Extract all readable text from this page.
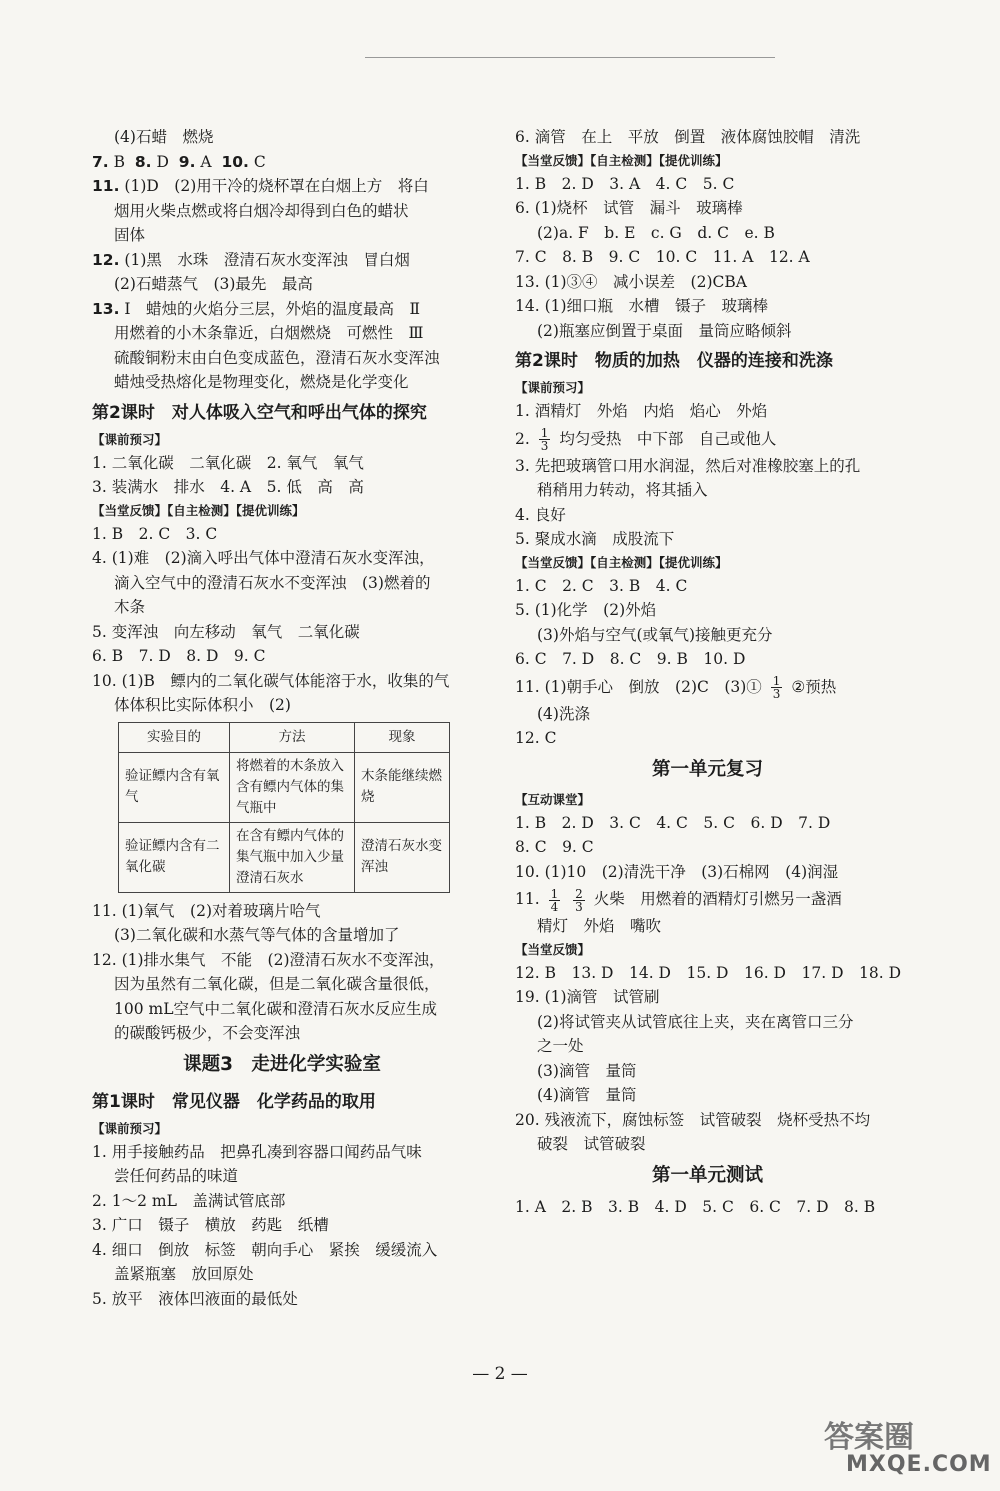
(4)石蜡　燃烧
7. B 8. D 9. A 10. C
11. (1)D　(2)用干冷的烧杯罩在白烟上方　将白
烟用火柴点燃或将白烟冷却得到白色的蜡状
固体
12. (1)黑　水珠　澄清石灰水变浑浊　冒白烟
(2)石蜡蒸气　(3)最先　最高
13. Ⅰ　蜡烛的火焰分三层，外焰的温度最高　Ⅱ
用燃着的小木条靠近，白烟燃烧　可燃性　Ⅲ
硫酸铜粉末由白色变成蓝色，澄清石灰水变浑浊
蜡烛受热熔化是物理变化，燃烧是化学变化
第2课时　对人体吸入空气和呼出气体的探究
【课前预习】
1. 二氧化碳　二氧化碳　2. 氧气　氧气
3. 装满水　排水　4. A　5. 低　高　高
【当堂反馈】【自主检测】【提优训练】
1. B　2. C　3. C
4. (1)难　(2)滴入呼出气体中澄清石灰水变浑浊，
滴入空气中的澄清石灰水不变浑浊　(3)燃着的
木条
5. 变浑浊　向左移动　氧气　二氧化碳
6. B　7. D　8. D　9. C
10. (1)B　鳔内的二氧化碳气体能溶于水，收集的气
体体积比实际体积小　(2)
实验目的	方法	现象
验证鳔内含有氧气	将燃着的木条放入含有鳔内气体的集气瓶中	木条能继续燃烧
验证鳔内含有二氧化碳	在含有鳔内气体的集气瓶中加入少量澄清石灰水	澄清石灰水变浑浊
11. (1)氧气　(2)对着玻璃片哈气
(3)二氧化碳和水蒸气等气体的含量增加了
12. (1)排水集气　不能　(2)澄清石灰水不变浑浊，
因为虽然有二氧化碳，但是二氧化碳含量很低，
100 mL空气中二氧化碳和澄清石灰水反应生成
的碳酸钙极少，不会变浑浊
课题3　走进化学实验室
第1课时　常见仪器　化学药品的取用
【课前预习】
1. 用手接触药品　把鼻孔凑到容器口闻药品气味
尝任何药品的味道
2. 1～2 mL　盖满试管底部
3. 广口　镊子　横放　药匙　纸槽
4. 细口　倒放　标签　朝向手心　紧挨　缓缓流入
盖紧瓶塞　放回原处
5. 放平　液体凹液面的最低处
6. 滴管　在上　平放　倒置　液体腐蚀胶帽　清洗
【当堂反馈】【自主检测】【提优训练】
1. B　2. D　3. A　4. C　5. C
6. (1)烧杯　试管　漏斗　玻璃棒
(2)a. F　b. E　c. G　d. C　e. B
7. C　8. B　9. C　10. C　11. A　12. A
13. (1)③④　减小误差　(2)CBA
14. (1)细口瓶　水槽　镊子　玻璃棒
(2)瓶塞应倒置于桌面　量筒应略倾斜
第2课时　物质的加热　仪器的连接和洗涤
【课前预习】
1. 酒精灯　外焰　内焰　焰心　外焰
2. $\frac{1}{3}$ 均匀受热　中下部　自己或他人
3. 先把玻璃管口用水润湿，然后对准橡胶塞上的孔
稍稍用力转动，将其插入
4. 良好
5. 聚成水滴　成股流下
【当堂反馈】【自主检测】【提优训练】
1. C　2. C　3. B　4. C
5. (1)化学　(2)外焰
(3)外焰与空气(或氧气)接触更充分
6. C　7. D　8. C　9. B　10. D
11. (1)朝手心　倒放　(2)C　(3)① $\frac{1}{3}$ ②预热
(4)洗涤
12. C
第一单元复习
【互动课堂】
1. B　2. D　3. C　4. C　5. C　6. D　7. D
8. C　9. C
10. (1)10　(2)清洗干净　(3)石棉网　(4)润湿
11. $\frac{1}{4}$
$\frac{2}{3}$ 火柴　用燃着的酒精灯引燃另一盏酒
精灯　外焰　嘴吹
【当堂反馈】
12. B　13. D　14. D　15. D　16. D　17. D　18. D
19. (1)滴管　试管刷
(2)将试管夹从试管底往上夹，夹在离管口三分
之一处
(3)滴管　量筒
(4)滴管　量筒
20. 残液流下，腐蚀标签　试管破裂　烧杯受热不均
破裂　试管破裂
第一单元测试
1. A　2. B　3. B　4. D　5. C　6. C　7. D　8. B
— 2 —
答案圈
MXQE.COM
